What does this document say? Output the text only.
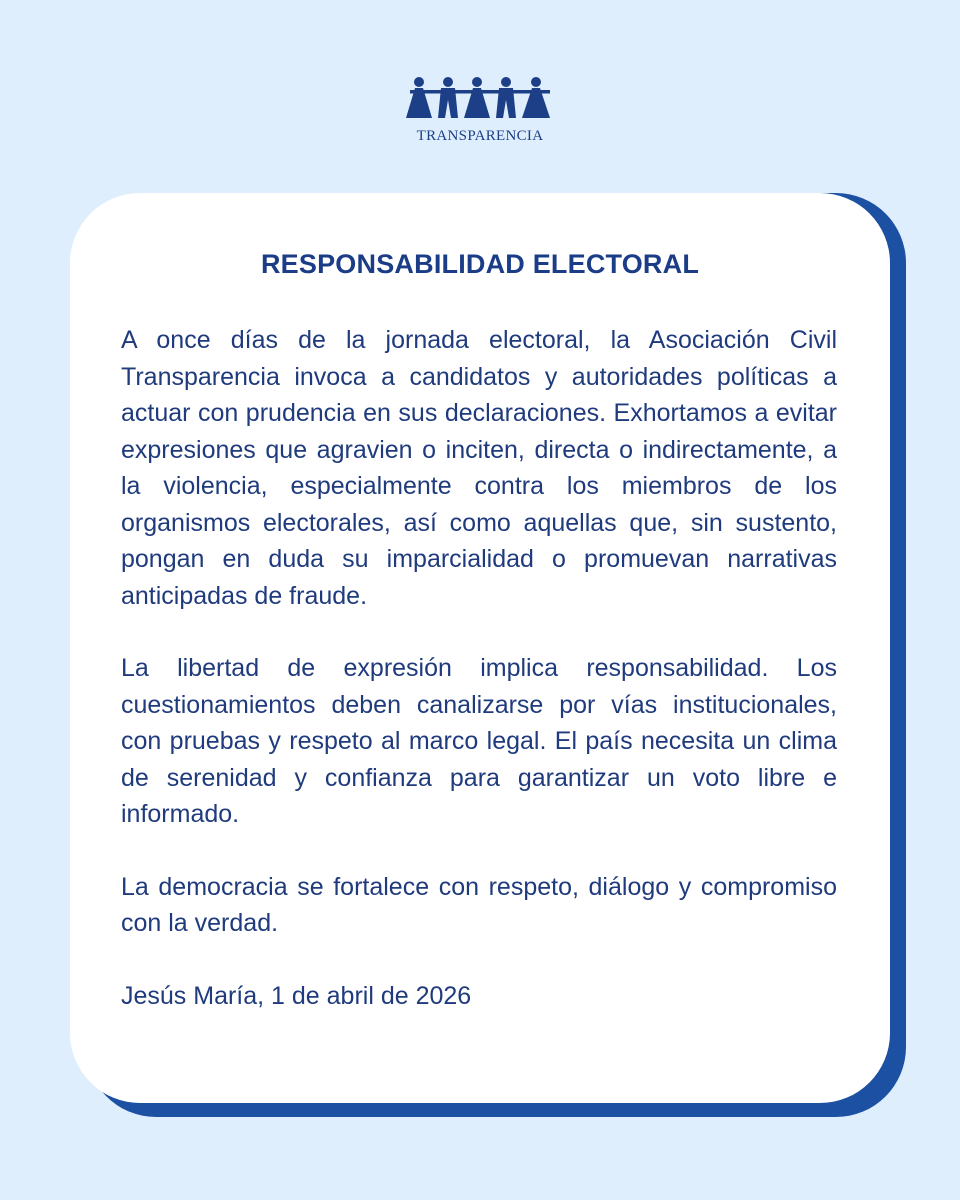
TRANSPARENCIA
RESPONSABILIDAD ELECTORAL

A once días de la jornada electoral, la Asociación Civil Transparencia invoca a candidatos y autoridades políticas a actuar con prudencia en sus declaraciones. Exhortamos a evitar expresiones que agravien o inciten, directa o indirectamente, a la violencia, especialmente contra los miembros de los organismos electorales, así como aquellas que, sin sustento, pongan en duda su imparcialidad o promuevan narrativas anticipadas de fraude.

La libertad de expresión implica responsabilidad. Los cuestionamientos deben canalizarse por vías institucionales, con pruebas y respeto al marco legal. El país necesita un clima de serenidad y confianza para garantizar un voto libre e informado.

La democracia se fortalece con respeto, diálogo y compromiso con la verdad.

Jesús María, 1 de abril de 2026
